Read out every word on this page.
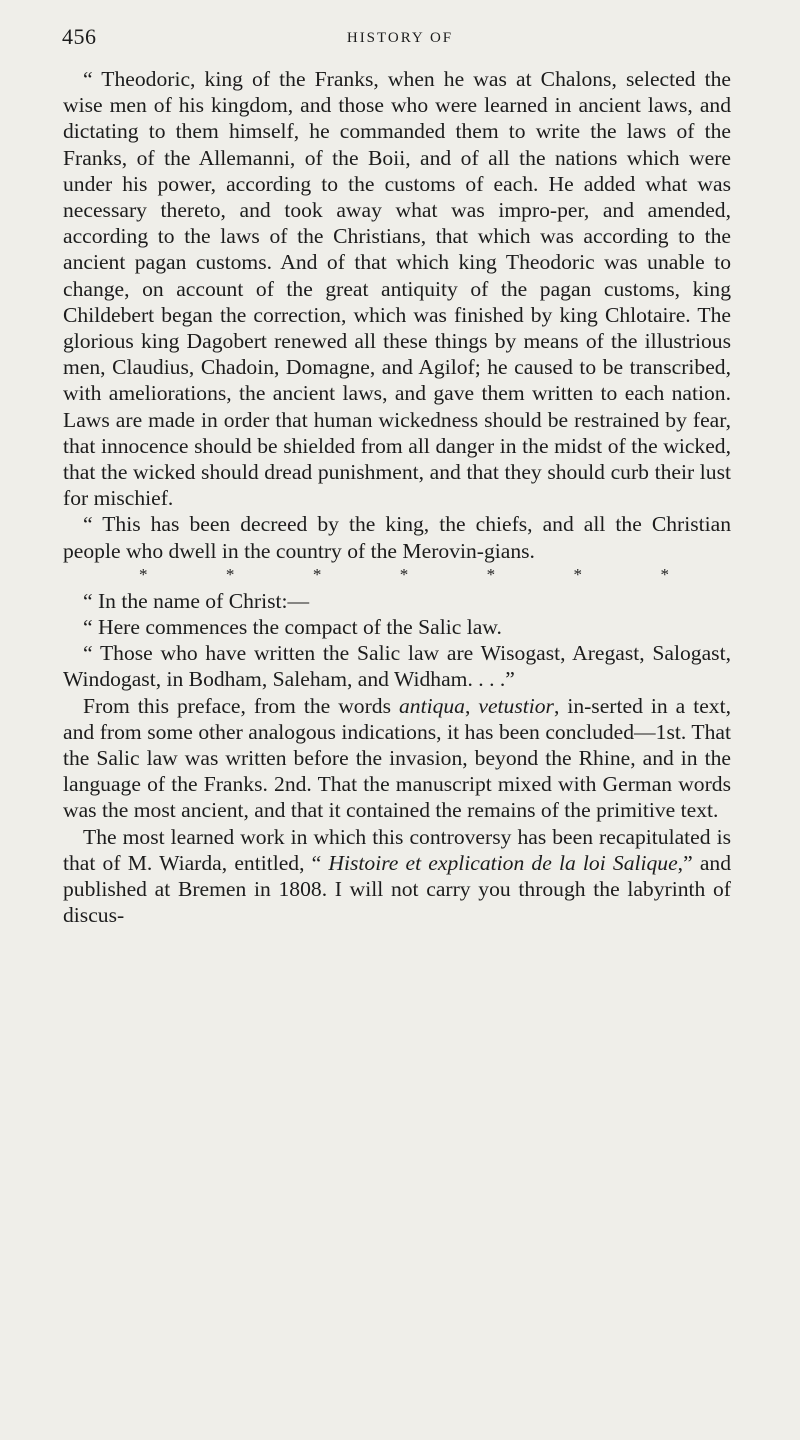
456	HISTORY OF

“ Theodoric, king of the Franks, when he was at Chalons, selected the wise men of his kingdom, and those who were learned in ancient laws, and dictating to them himself, he commanded them to write the laws of the Franks, of the Allemanni, of the Boii, and of all the nations which were under his power, according to the customs of each. He added what was necessary thereto, and took away what was impro-per, and amended, according to the laws of the Christians, that which was according to the ancient pagan customs. And of that which king Theodoric was unable to change, on account of the great antiquity of the pagan customs, king Childebert began the correction, which was finished by king Chlotaire. The glorious king Dagobert renewed all these things by means of the illustrious men, Claudius, Chadoin, Domagne, and Agilof; he caused to be transcribed, with ameliorations, the ancient laws, and gave them written to each nation. Laws are made in order that human wickedness should be restrained by fear, that innocence should be shielded from all danger in the midst of the wicked, that the wicked should dread punishment, and that they should curb their lust for mischief.

“ This has been decreed by the king, the chiefs, and all the Christian people who dwell in the country of the Merovin-gians.

*	*	*	*	*	*	*

“ In the name of Christ:—

“ Here commences the compact of the Salic law.

“ Those who have written the Salic law are Wisogast, Aregast, Salogast, Windogast, in Bodham, Saleham, and Widham. . . .”

From this preface, from the words antiqua, vetustior, in-serted in a text, and from some other analogous indications, it has been concluded—1st. That the Salic law was written before the invasion, beyond the Rhine, and in the language of the Franks. 2nd. That the manuscript mixed with German words was the most ancient, and that it contained the remains of the primitive text.

The most learned work in which this controversy has been recapitulated is that of M. Wiarda, entitled, “ Histoire et explication de la loi Salique,” and published at Bremen in 1808. I will not carry you through the labyrinth of discus-
